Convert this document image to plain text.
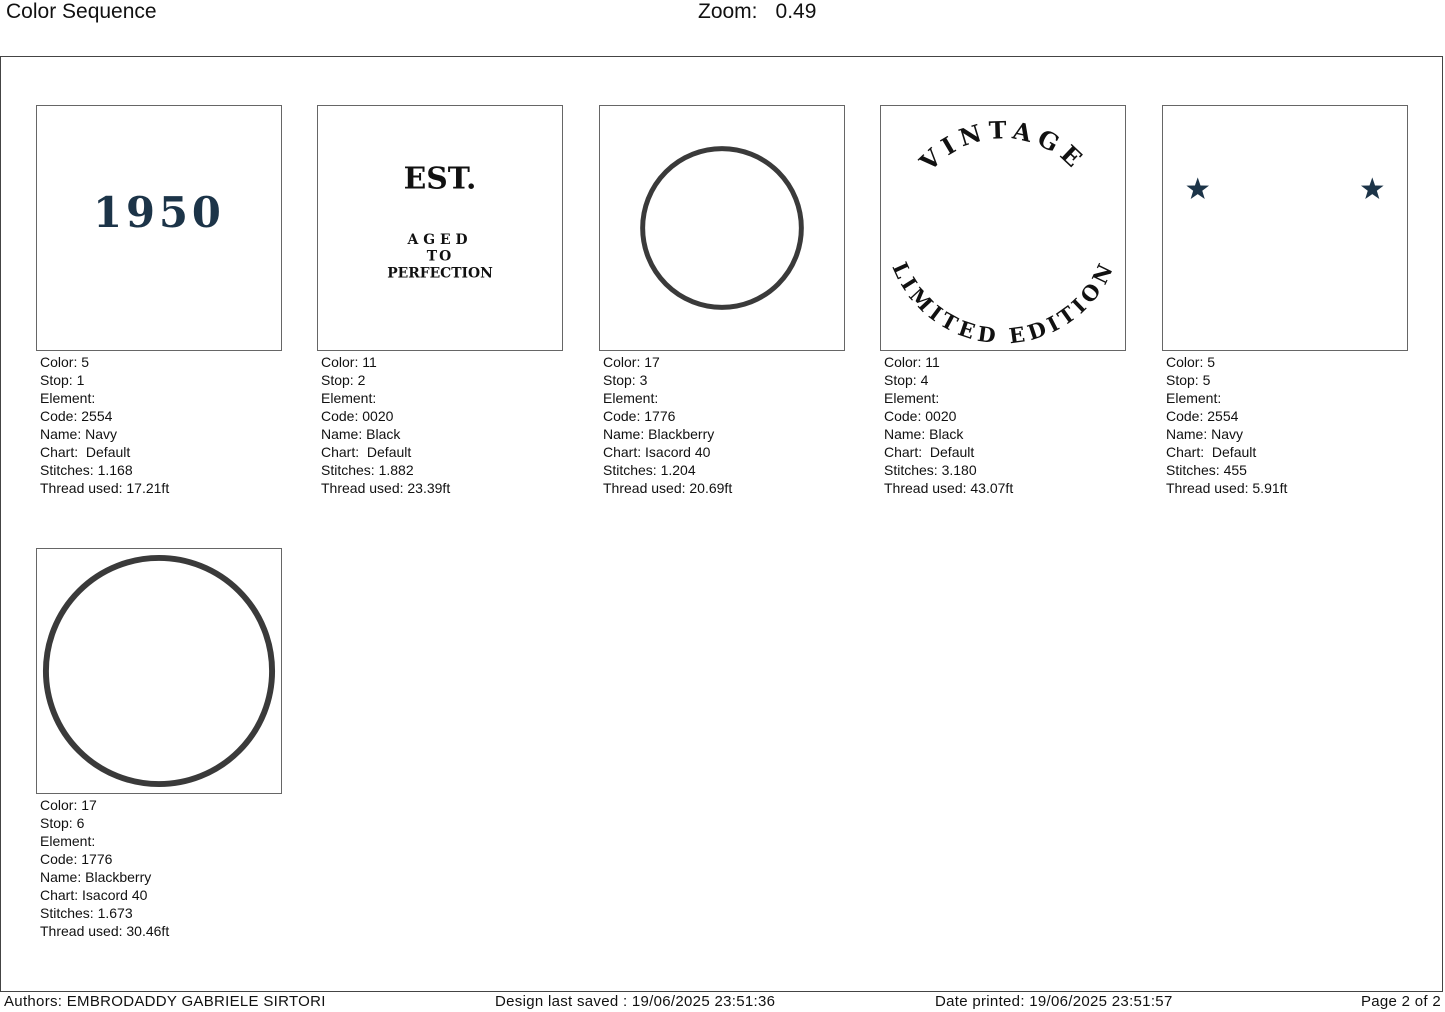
Color Sequence	Zoom: 0.49
1950
Color: 5
Stop: 1
Element:
Code: 2554
Name: Navy
Chart: Default
Stitches: 1.168
Thread used: 17.21ft
EST.
AGED
TO
PERFECTION
Color: 11
Stop: 2
Element:
Code: 0020
Name: Black
Chart: Default
Stitches: 1.882
Thread used: 23.39ft
Color: 17
Stop: 3
Element:
Code: 1776
Name: Blackberry
Chart: Isacord 40
Stitches: 1.204
Thread used: 20.69ft
VINTAGE
LIMITED EDITION
Color: 11
Stop: 4
Element:
Code: 0020
Name: Black
Chart: Default
Stitches: 3.180
Thread used: 43.07ft
Color: 5
Stop: 5
Element:
Code: 2554
Name: Navy
Chart: Default
Stitches: 455
Thread used: 5.91ft
Color: 17
Stop: 6
Element:
Code: 1776
Name: Blackberry
Chart: Isacord 40
Stitches: 1.673
Thread used: 30.46ft
Authors: EMBRODADDY GABRIELE SIRTORI	Design last saved : 19/06/2025 23:51:36	Date printed: 19/06/2025 23:51:57	Page 2 of 2
